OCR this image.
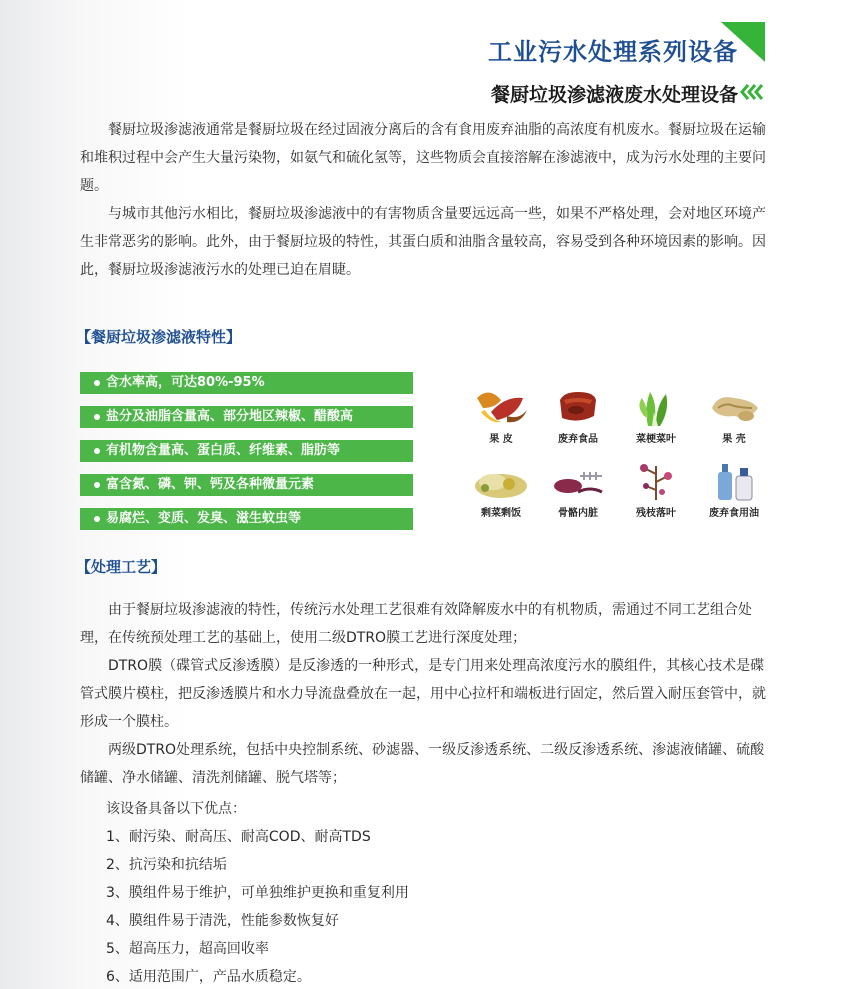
工业污水处理系列设备
餐厨垃圾渗滤液废水处理设备

餐厨垃圾渗滤液通常是餐厨垃圾在经过固液分离后的含有食用废弃油脂的高浓度有机废水。餐厨垃圾在运输和堆积过程中会产生大量污染物，如氨气和硫化氢等，这些物质会直接溶解在渗滤液中，成为污水处理的主要问题。

与城市其他污水相比，餐厨垃圾渗滤液中的有害物质含量要远远高一些，如果不严格处理，会对地区环境产生非常恶劣的影响。此外，由于餐厨垃圾的特性，其蛋白质和油脂含量较高，容易受到各种环境因素的影响。因此，餐厨垃圾渗滤液污水的处理已迫在眉睫。

【餐厨垃圾渗滤液特性】
含水率高，可达80%-95%
盐分及油脂含量高、部分地区辣椒、醋酸高
有机物含量高、蛋白质、纤维素、脂肪等
富含氮、磷、钾、钙及各种微量元素
易腐烂、变质、发臭、滋生蚊虫等
果 皮	废弃食品	菜梗菜叶	果 壳
剩菜剩饭	骨骼内脏	残枝落叶	废弃食用油
【处理工艺】

由于餐厨垃圾渗滤液的特性，传统污水处理工艺很难有效降解废水中的有机物质，需通过不同工艺组合处理，在传统预处理工艺的基础上，使用二级DTRO膜工艺进行深度处理；

DTRO膜（碟管式反渗透膜）是反渗透的一种形式，是专门用来处理高浓度污水的膜组件，其核心技术是碟管式膜片模柱，把反渗透膜片和水力导流盘叠放在一起，用中心拉杆和端板进行固定，然后置入耐压套管中，就形成一个膜柱。

两级DTRO处理系统，包括中央控制系统、砂滤器、一级反渗透系统、二级反渗透系统、渗滤液储罐、硫酸储罐、净水储罐、清洗剂储罐、脱气塔等；

该设备具备以下优点：
1、耐污染、耐高压、耐高COD、耐高TDS
2、抗污染和抗结垢
3、膜组件易于维护，可单独维护更换和重复利用
4、膜组件易于清洗，性能参数恢复好
5、超高压力，超高回收率
6、适用范围广，产品水质稳定。
